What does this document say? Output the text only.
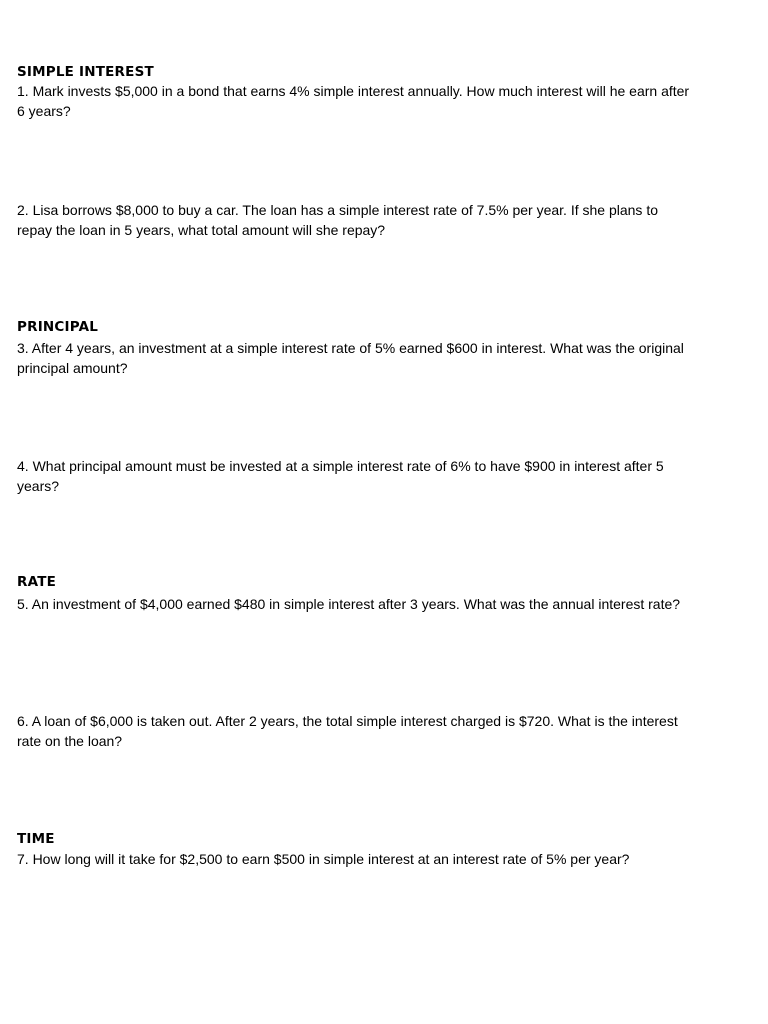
SIMPLE INTEREST

1. Mark invests $5,000 in a bond that earns 4% simple interest annually. How much interest will he earn after 6 years?

2. Lisa borrows $8,000 to buy a car. The loan has a simple interest rate of 7.5% per year. If she plans to repay the loan in 5 years, what total amount will she repay?

PRINCIPAL

3. After 4 years, an investment at a simple interest rate of 5% earned $600 in interest. What was the original principal amount?

4. What principal amount must be invested at a simple interest rate of 6% to have $900 in interest after 5 years?

RATE

5. An investment of $4,000 earned $480 in simple interest after 3 years. What was the annual interest rate?

6. A loan of $6,000 is taken out. After 2 years, the total simple interest charged is $720. What is the interest rate on the loan?

TIME

7. How long will it take for $2,500 to earn $500 in simple interest at an interest rate of 5% per year?
